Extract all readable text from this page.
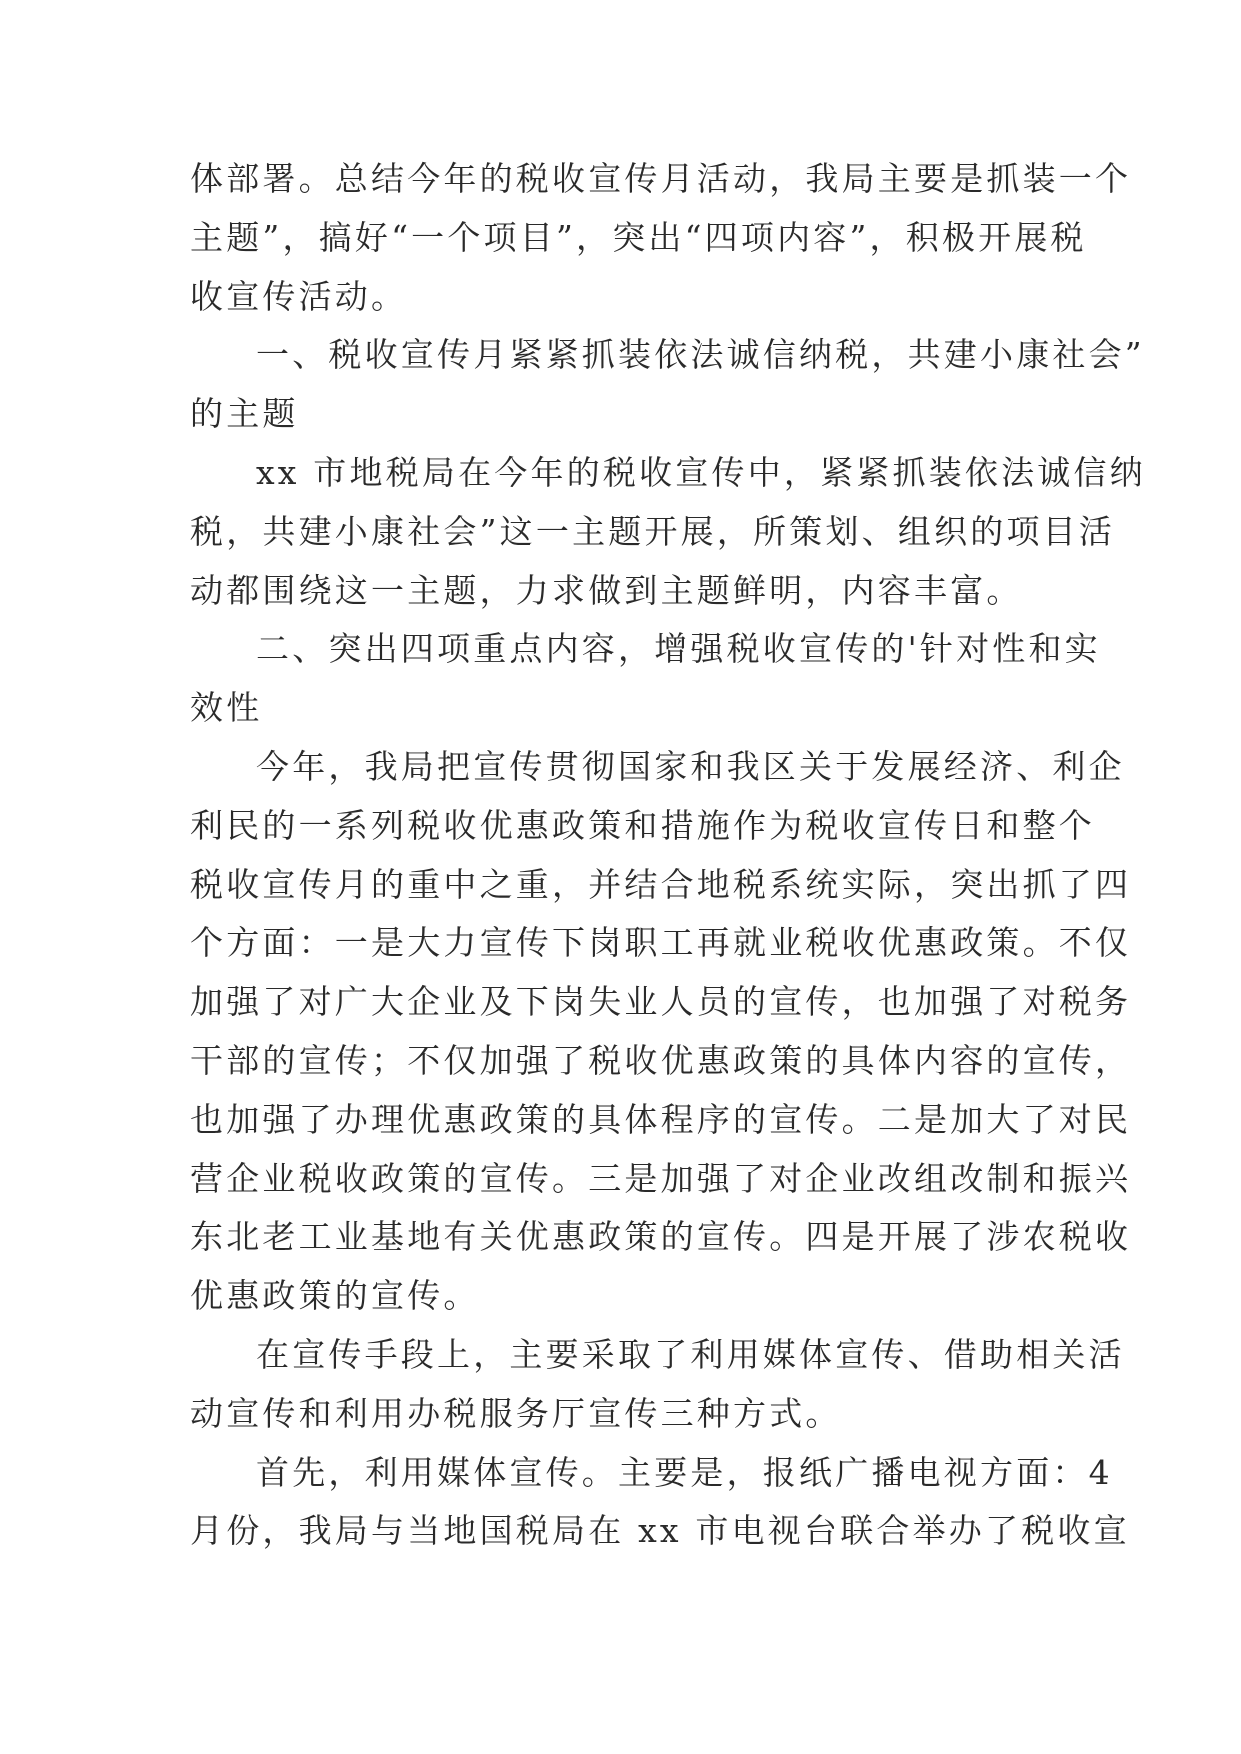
体部署。总结今年的税收宣传月活动，我局主要是抓装一个
主题”，搞好“一个项目”，突出“四项内容”，积极开展税
收宣传活动。
一、税收宣传月紧紧抓装依法诚信纳税，共建小康社会”
的主题
xx 市地税局在今年的税收宣传中，紧紧抓装依法诚信纳
税，共建小康社会”这一主题开展，所策划、组织的项目活
动都围绕这一主题，力求做到主题鲜明，内容丰富。
二、突出四项重点内容，增强税收宣传的'针对性和实
效性
今年，我局把宣传贯彻国家和我区关于发展经济、利企
利民的一系列税收优惠政策和措施作为税收宣传日和整个
税收宣传月的重中之重，并结合地税系统实际，突出抓了四
个方面：一是大力宣传下岗职工再就业税收优惠政策。不仅
加强了对广大企业及下岗失业人员的宣传，也加强了对税务
干部的宣传；不仅加强了税收优惠政策的具体内容的宣传，
也加强了办理优惠政策的具体程序的宣传。二是加大了对民
营企业税收政策的宣传。三是加强了对企业改组改制和振兴
东北老工业基地有关优惠政策的宣传。四是开展了涉农税收
优惠政策的宣传。
在宣传手段上，主要采取了利用媒体宣传、借助相关活
动宣传和利用办税服务厅宣传三种方式。
首先，利用媒体宣传。主要是，报纸广播电视方面：4
月份，我局与当地国税局在 xx 市电视台联合举办了税收宣
